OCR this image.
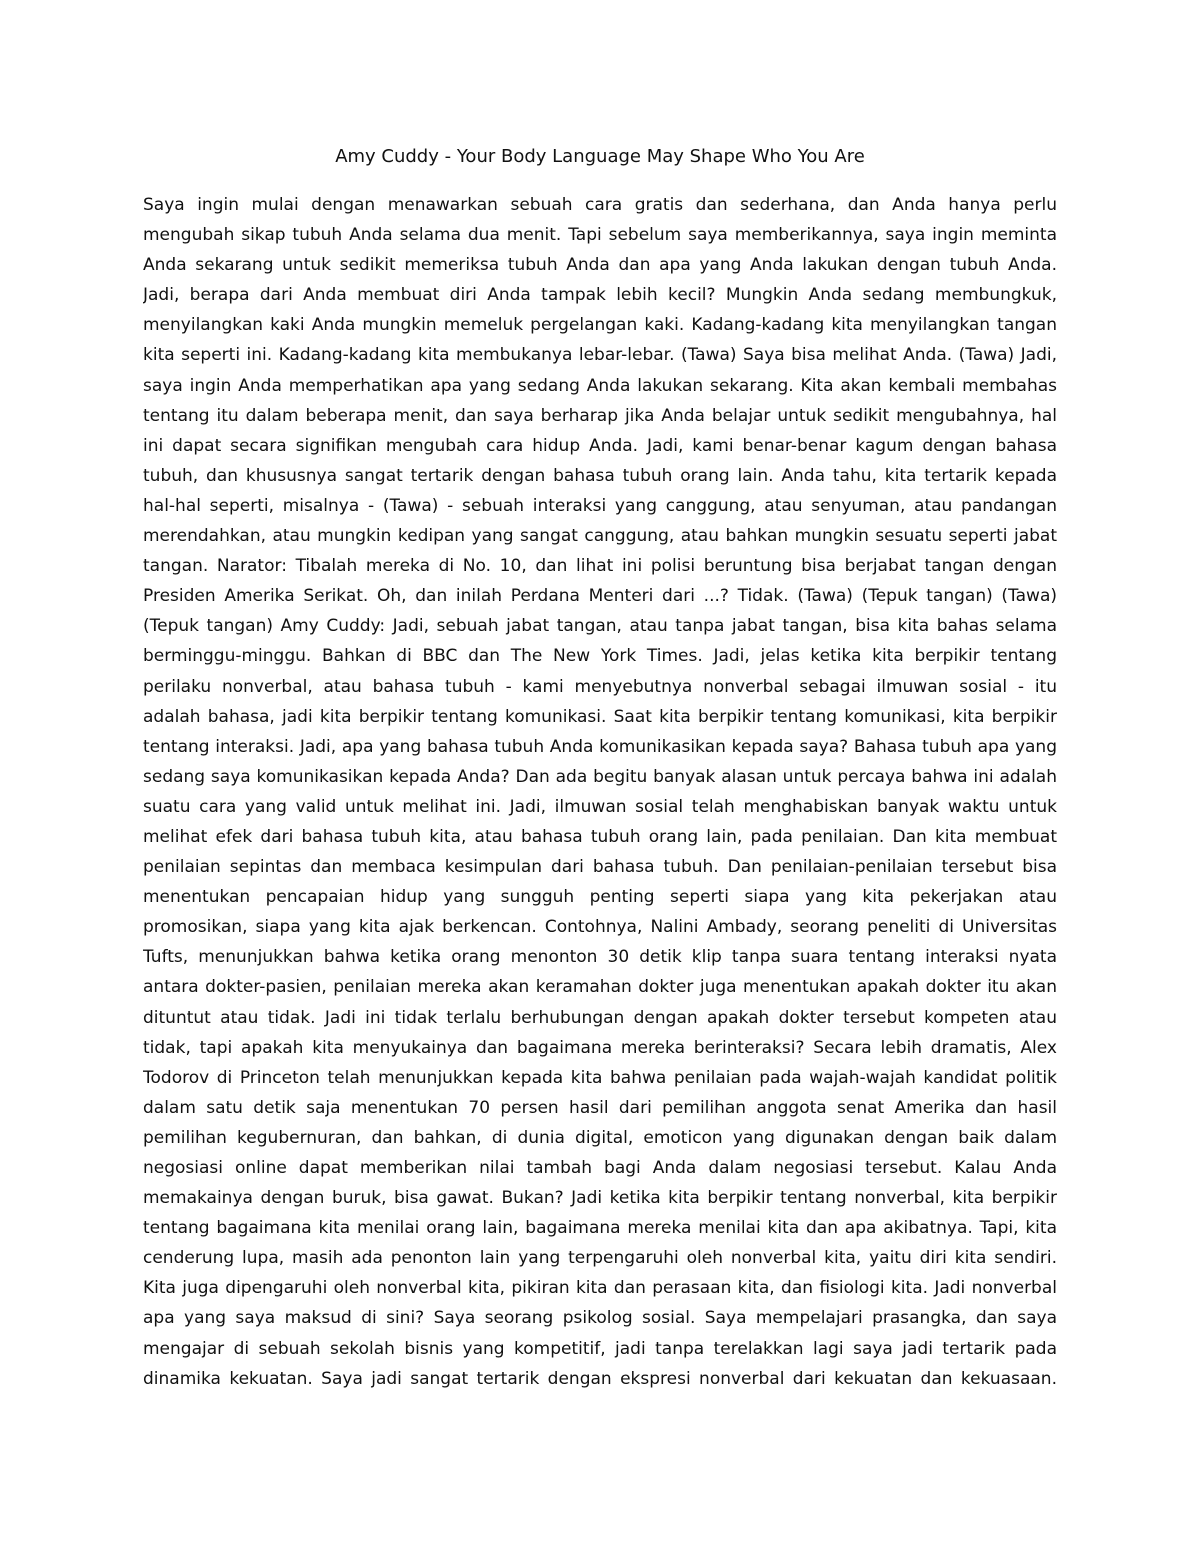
Amy Cuddy - Your Body Language May Shape Who You Are
Saya ingin mulai dengan menawarkan sebuah cara gratis dan sederhana, dan Anda hanya perlu
mengubah sikap tubuh Anda selama dua menit. Tapi sebelum saya memberikannya, saya ingin meminta
Anda sekarang untuk sedikit memeriksa tubuh Anda dan apa yang Anda lakukan dengan tubuh Anda.
Jadi, berapa dari Anda membuat diri Anda tampak lebih kecil? Mungkin Anda sedang membungkuk,
menyilangkan kaki Anda mungkin memeluk pergelangan kaki. Kadang-kadang kita menyilangkan tangan
kita seperti ini. Kadang-kadang kita membukanya lebar-lebar. (Tawa) Saya bisa melihat Anda. (Tawa) Jadi,
saya ingin Anda memperhatikan apa yang sedang Anda lakukan sekarang. Kita akan kembali membahas
tentang itu dalam beberapa menit, dan saya berharap jika Anda belajar untuk sedikit mengubahnya, hal
ini dapat secara signifikan mengubah cara hidup Anda. Jadi, kami benar-benar kagum dengan bahasa
tubuh, dan khususnya sangat tertarik dengan bahasa tubuh orang lain. Anda tahu, kita tertarik kepada
hal-hal seperti, misalnya - (Tawa) - sebuah interaksi yang canggung, atau senyuman, atau pandangan
merendahkan, atau mungkin kedipan yang sangat canggung, atau bahkan mungkin sesuatu seperti jabat
tangan. Narator: Tibalah mereka di No. 10, dan lihat ini polisi beruntung bisa berjabat tangan dengan
Presiden Amerika Serikat. Oh, dan inilah Perdana Menteri dari ...? Tidak. (Tawa) (Tepuk tangan) (Tawa)
(Tepuk tangan) Amy Cuddy: Jadi, sebuah jabat tangan, atau tanpa jabat tangan, bisa kita bahas selama
berminggu-minggu. Bahkan di BBC dan The New York Times. Jadi, jelas ketika kita berpikir tentang
perilaku nonverbal, atau bahasa tubuh - kami menyebutnya nonverbal sebagai ilmuwan sosial - itu
adalah bahasa, jadi kita berpikir tentang komunikasi. Saat kita berpikir tentang komunikasi, kita berpikir
tentang interaksi. Jadi, apa yang bahasa tubuh Anda komunikasikan kepada saya? Bahasa tubuh apa yang
sedang saya komunikasikan kepada Anda? Dan ada begitu banyak alasan untuk percaya bahwa ini adalah
suatu cara yang valid untuk melihat ini. Jadi, ilmuwan sosial telah menghabiskan banyak waktu untuk
melihat efek dari bahasa tubuh kita, atau bahasa tubuh orang lain, pada penilaian. Dan kita membuat
penilaian sepintas dan membaca kesimpulan dari bahasa tubuh. Dan penilaian-penilaian tersebut bisa
menentukan pencapaian hidup yang sungguh penting seperti siapa yang kita pekerjakan atau
promosikan, siapa yang kita ajak berkencan. Contohnya, Nalini Ambady, seorang peneliti di Universitas
Tufts, menunjukkan bahwa ketika orang menonton 30 detik klip tanpa suara tentang interaksi nyata
antara dokter-pasien, penilaian mereka akan keramahan dokter juga menentukan apakah dokter itu akan
dituntut atau tidak. Jadi ini tidak terlalu berhubungan dengan apakah dokter tersebut kompeten atau
tidak, tapi apakah kita menyukainya dan bagaimana mereka berinteraksi? Secara lebih dramatis, Alex
Todorov di Princeton telah menunjukkan kepada kita bahwa penilaian pada wajah-wajah kandidat politik
dalam satu detik saja menentukan 70 persen hasil dari pemilihan anggota senat Amerika dan hasil
pemilihan kegubernuran, dan bahkan, di dunia digital, emoticon yang digunakan dengan baik dalam
negosiasi online dapat memberikan nilai tambah bagi Anda dalam negosiasi tersebut. Kalau Anda
memakainya dengan buruk, bisa gawat. Bukan? Jadi ketika kita berpikir tentang nonverbal, kita berpikir
tentang bagaimana kita menilai orang lain, bagaimana mereka menilai kita dan apa akibatnya. Tapi, kita
cenderung lupa, masih ada penonton lain yang terpengaruhi oleh nonverbal kita, yaitu diri kita sendiri.
Kita juga dipengaruhi oleh nonverbal kita, pikiran kita dan perasaan kita, dan fisiologi kita. Jadi nonverbal
apa yang saya maksud di sini? Saya seorang psikolog sosial. Saya mempelajari prasangka, dan saya
mengajar di sebuah sekolah bisnis yang kompetitif, jadi tanpa terelakkan lagi saya jadi tertarik pada
dinamika kekuatan. Saya jadi sangat tertarik dengan ekspresi nonverbal dari kekuatan dan kekuasaan.
